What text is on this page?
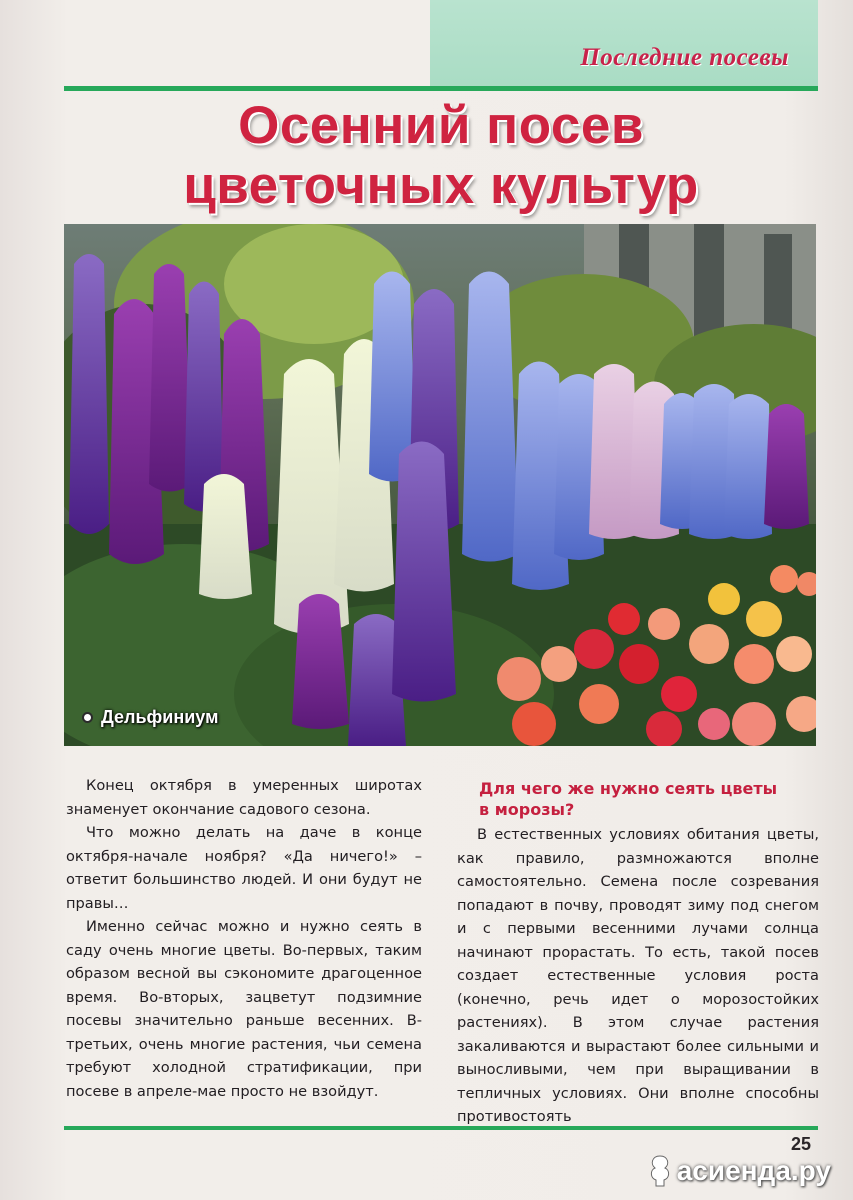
Последние посевы
Осенний посев
цветочных культур
Дельфиниум

Конец октября в умеренных широтах знаменует окончание садового сезона.

Что можно делать на даче в конце октября-начале ноября? «Да ничего!» – ответит большинство людей. И они будут не правы…

Именно сейчас можно и нужно сеять в саду очень многие цветы. Во-первых, таким образом весной вы сэкономите драгоценное время. Во-вторых, зацветут подзимние посевы значительно раньше весенних. В-третьих, очень многие растения, чьи семена требуют холодной стратификации, при посеве в апреле-мае просто не взойдут.

Для чего же нужно сеять цветы в морозы?

В естественных условиях обитания цветы, как правило, размножаются вполне самостоятельно. Семена после созревания попадают в почву, проводят зиму под снегом и с первыми весенними лучами солнца начинают прорастать. То есть, такой посев создает естественные условия роста (конечно, речь идет о морозостойких растениях). В этом случае растения закаливаются и вырастают более сильными и выносливыми, чем при выращивании в тепличных условиях. Они вполне способны противостоять

25
асиенда.ру
